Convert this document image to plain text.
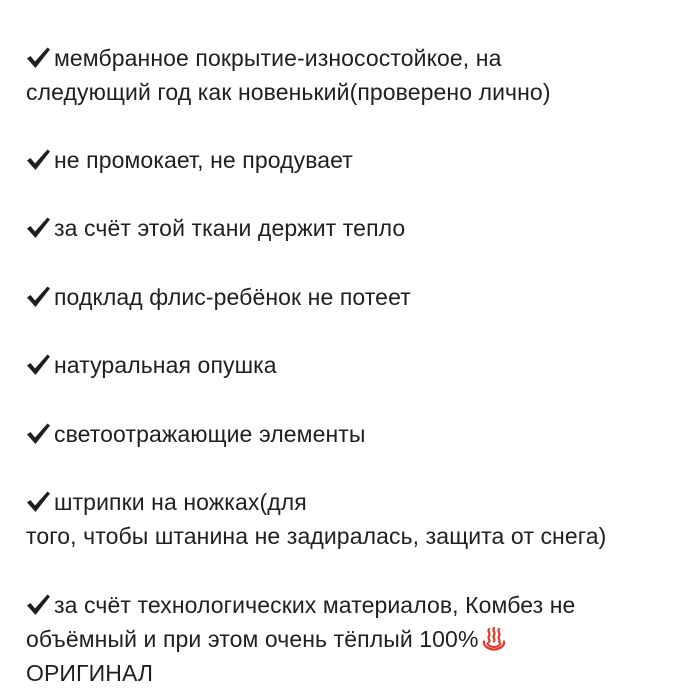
мембранное покрытие-износостойкое, на
следующий год как новенький(проверено лично)
не промокает, не продувает
за счёт этой ткани держит тепло
подклад флис-ребёнок не потеет
натуральная опушка
светоотражающие элементы
штрипки на ножках(для
того, чтобы штанина не задиралась, защита от снега)
за счёт технологических материалов, Комбез не
объёмный и при этом очень тёплый 100%
ОРИГИНАЛ
